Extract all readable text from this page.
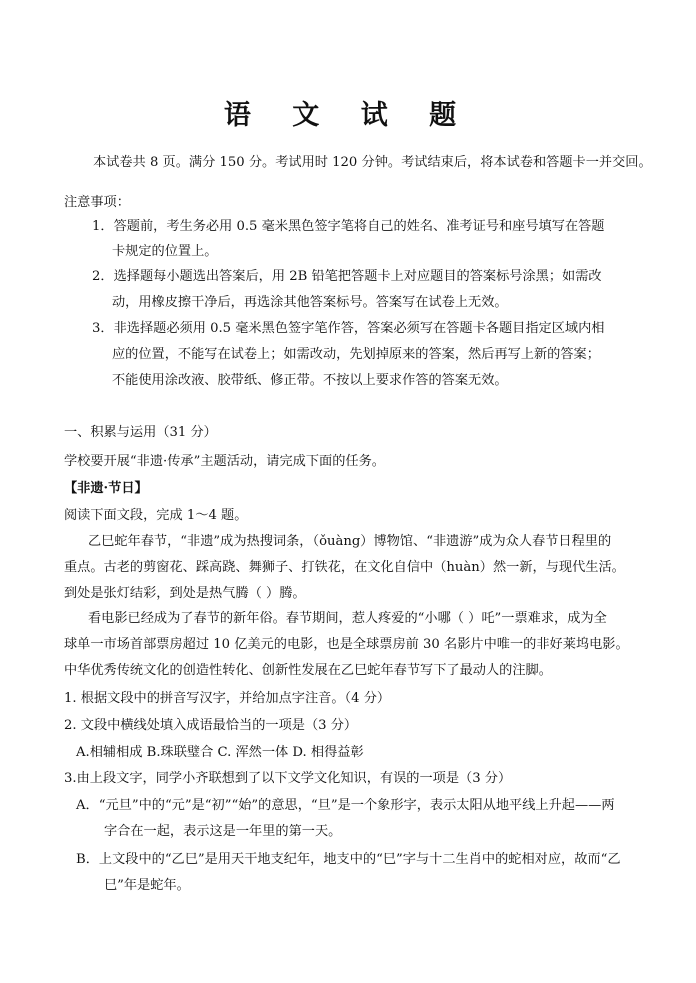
语 文 试 题
本试卷共 8 页。满分 150 分。考试用时 120 分钟。考试结束后，将本试卷和答题卡一并交回。
注意事项：
1．答题前，考生务必用 0.5 毫米黑色签字笔将自己的姓名、准考证号和座号填写在答题
卡规定的位置上。
2．选择题每小题选出答案后，用 2B 铅笔把答题卡上对应题目的答案标号涂黑；如需改
动，用橡皮擦干净后，再选涂其他答案标号。答案写在试卷上无效。
3．非选择题必须用 0.5 毫米黑色签字笔作答，答案必须写在答题卡各题目指定区域内相
应的位置，不能写在试卷上；如需改动，先划掉原来的答案，然后再写上新的答案；
不能使用涂改液、胶带纸、修正带。不按以上要求作答的答案无效。
一、积累与运用（31 分）
学校要开展“非遗·传承”主题活动，请完成下面的任务。
【非遗·节日】
阅读下面文段，完成 1～4 题。
乙巳蛇年春节，“非遗”成为热搜词条，（ǒuàng）博物馆、“非遗游”成为众人春节日程里的
重点。古老的剪窗花、踩高跷、舞狮子、打铁花，在文化自信中（huàn）然一新，与现代生活。
到处是张灯结彩，到处是热气腾（ ）腾。
看电影已经成为了春节的新年俗。春节期间，惹人疼爱的“小哪（ ）吒”一票难求，成为全
球单一市场首部票房超过 10 亿美元的电影，也是全球票房前 30 名影片中唯一的非好莱坞电影。
中华优秀传统文化的创造性转化、创新性发展在乙巳蛇年春节写下了最动人的注脚。
1. 根据文段中的拼音写汉字，并给加点字注音。（4 分）
2. 文段中横线处填入成语最恰当的一项是（3 分）
A.相辅相成 B.珠联璧合 C. 浑然一体 D. 相得益彰
3.由上段文字，同学小齐联想到了以下文学文化知识，有误的一项是（3 分）
A．“元旦”中的“元”是“初”“始”的意思，“旦”是一个象形字，表示太阳从地平线上升起——两
字合在一起，表示这是一年里的第一天。
B．上文段中的“乙巳”是用天干地支纪年，地支中的“巳”字与十二生肖中的蛇相对应，故而“乙
巳”年是蛇年。
